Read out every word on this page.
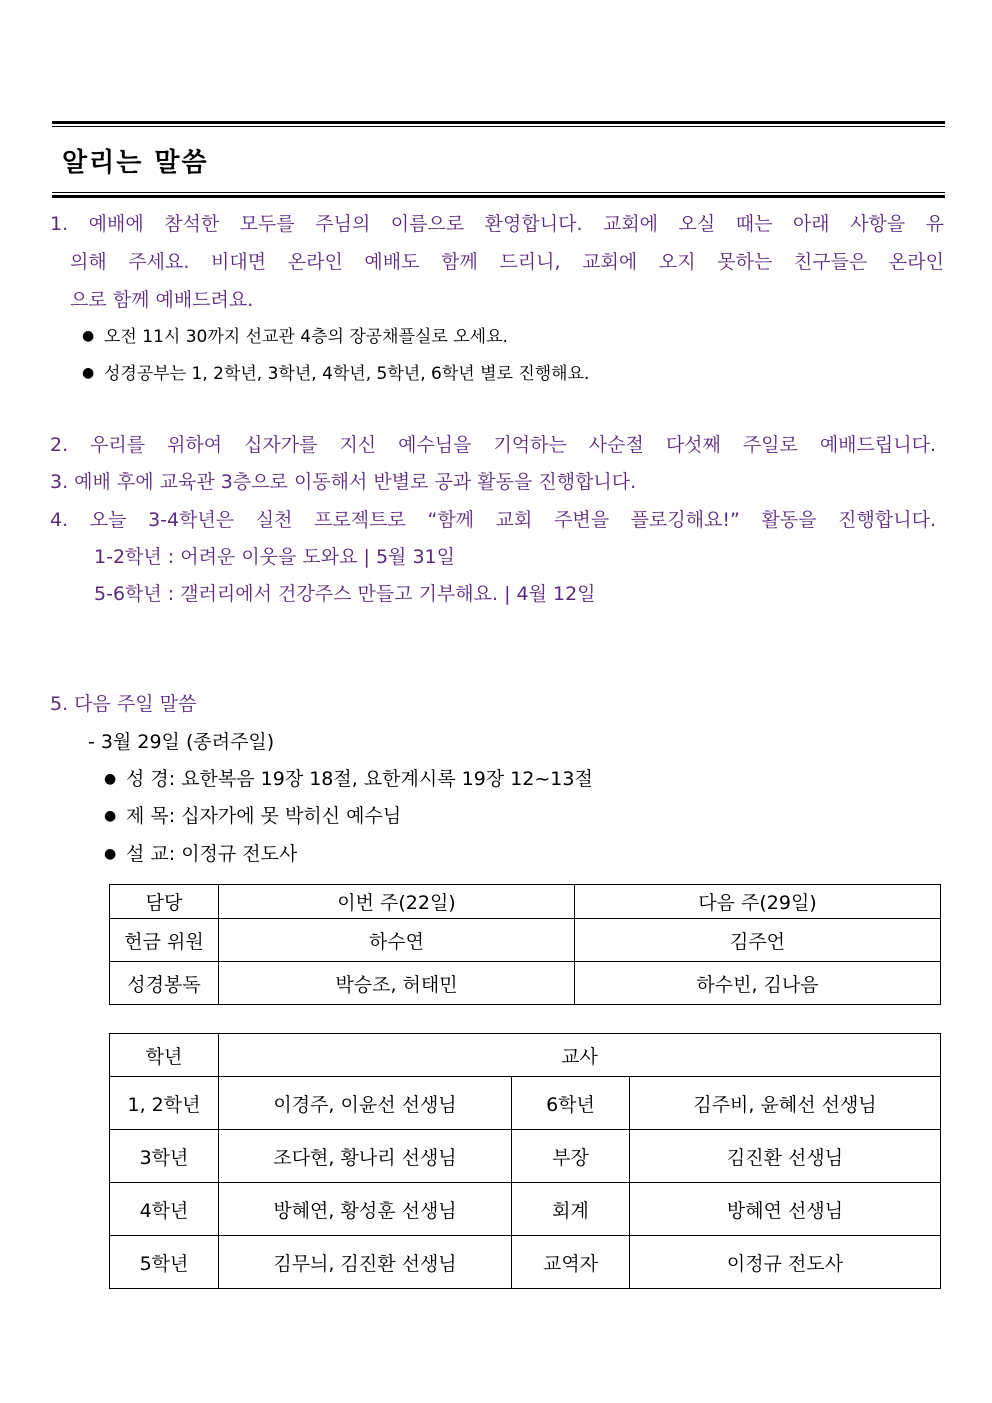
알리는 말씀
1. 예배에 참석한 모두를 주님의 이름으로 환영합니다. 교회에 오실 때는 아래 사항을 유
의해 주세요. 비대면 온라인 예배도 함께 드리니, 교회에 오지 못하는 친구들은 온라인
으로 함께 예배드려요.
● 오전 11시 30까지 선교관 4층의 장공채플실로 오세요.
● 성경공부는 1, 2학년, 3학년, 4학년, 5학년, 6학년 별로 진행해요.
2. 우리를 위하여 십자가를 지신 예수님을 기억하는 사순절 다섯째 주일로 예배드립니다.
3. 예배 후에 교육관 3층으로 이동해서 반별로 공과 활동을 진행합니다.
4. 오늘 3-4학년은 실천 프로젝트로 “함께 교회 주변을 플로깅해요!” 활동을 진행합니다.
1-2학년 : 어려운 이웃을 도와요 | 5월 31일
5-6학년 : 갤러리에서 건강주스 만들고 기부해요. | 4월 12일
5. 다음 주일 말씀
- 3월 29일 (종려주일)
● 성 경: 요한복음 19장 18절, 요한계시록 19장 12~13절
● 제 목: 십자가에 못 박히신 예수님
● 설 교: 이정규 전도사
담당	이번 주(22일)	다음 주(29일)
헌금 위원	하수연	김주언
성경봉독	박승조, 허태민	하수빈, 김나음
학년	교사		
1, 2학년	이경주, 이윤선 선생님	6학년	김주비, 윤혜선 선생님
3학년	조다현, 황나리 선생님	부장	김진환 선생님
4학년	방혜연, 황성훈 선생님	회계	방혜연 선생님
5학년	김무늬, 김진환 선생님	교역자	이정규 전도사
